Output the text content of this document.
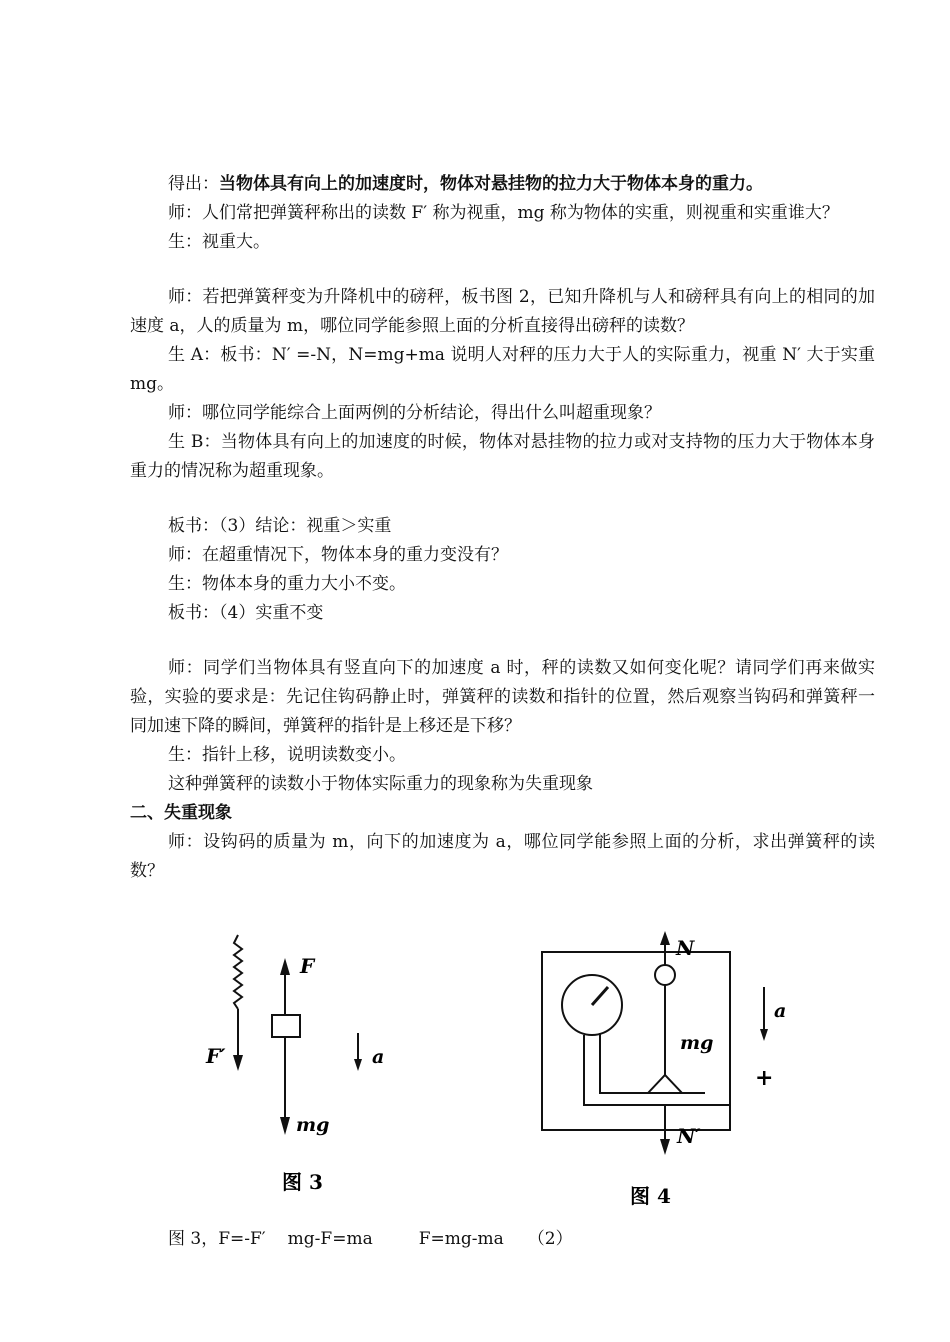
得出：当物体具有向上的加速度时，物体对悬挂物的拉力大于物体本身的重力。

师：人们常把弹簧秤称出的读数 F′ 称为视重，mg 称为物体的实重，则视重和实重谁大？

生：视重大。

师：若把弹簧秤变为升降机中的磅秤，板书图 2，已知升降机与人和磅秤具有向上的相同的加速度 a，人的质量为 m，哪位同学能参照上面的分析直接得出磅秤的读数？

生 A：板书：N′ =-N，N=mg+ma 说明人对秤的压力大于人的实际重力，视重 N′ 大于实重 mg。

师：哪位同学能综合上面两例的分析结论，得出什么叫超重现象？

生 B：当物体具有向上的加速度的时候，物体对悬挂物的拉力或对支持物的压力大于物体本身重力的情况称为超重现象。

板书：（3）结论：视重＞实重

师：在超重情况下，物体本身的重力变没有？

生：物体本身的重力大小不变。

板书：（4）实重不变

师：同学们当物体具有竖直向下的加速度 a 时，秤的读数又如何变化呢？请同学们再来做实验，实验的要求是：先记住钩码静止时，弹簧秤的读数和指针的位置，然后观察当钩码和弹簧秤一同加速下降的瞬间，弹簧秤的指针是上移还是下移？

生：指针上移，说明读数变小。

这种弹簧秤的读数小于物体实际重力的现象称为失重现象

二、失重现象

师：设钩码的质量为 m，向下的加速度为 a，哪位同学能参照上面的分析，求出弹簧秤的读数？

F′
F
mg
a
图 3
N
mg
N′
a
+
图 4
图 3，F=-F′ mg-F=ma	F=mg-ma （2）
